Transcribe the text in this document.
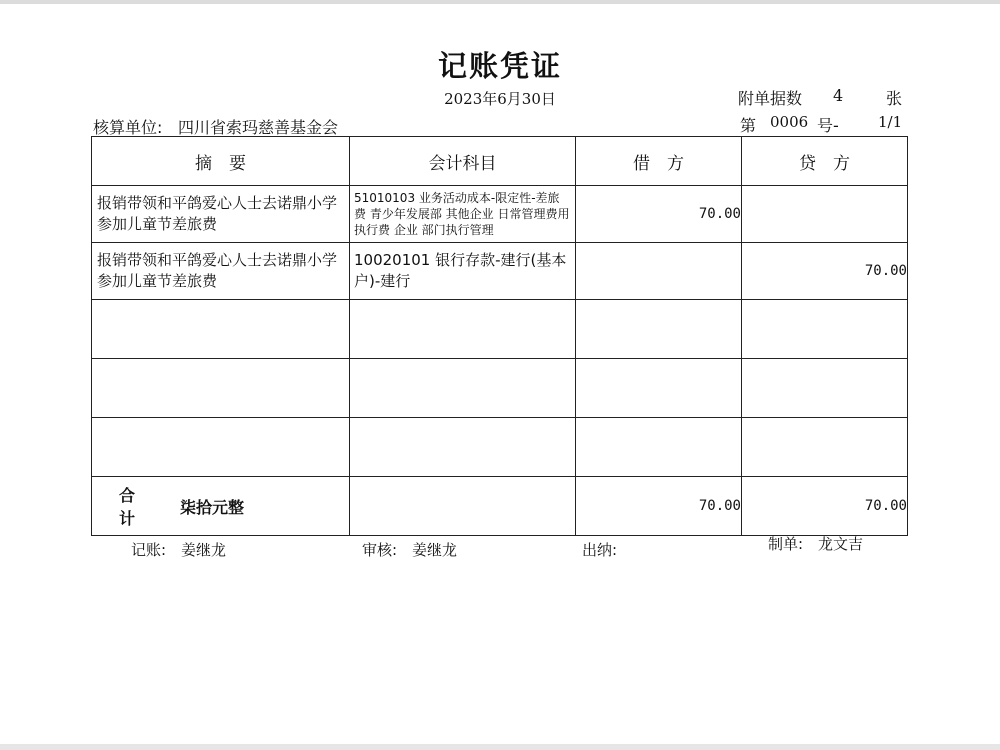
记账凭证
2023年6月30日
核算单位: 四川省索玛慈善基金会
附单据数 4	张
第 0006 号-	1/1
摘　要	会计科目	借　方	贷　方

报销带领和平鸽爱心人士去诺鼎小学参加儿童节差旅费	51010103 业务活动成本-限定性-差旅费 青少年发展部 其他企业 日常管理费用 执行费 企业 部门执行管理	70.00	

报销带领和平鸽爱心人士去诺鼎小学参加儿童节差旅费	10020101 银行存款-建行(基本户)-建行		70.00

合　计
柒拾元整		70.00	70.00
记账:　姜继龙	审核:　姜继龙	出纳:	制单:　龙文吉
